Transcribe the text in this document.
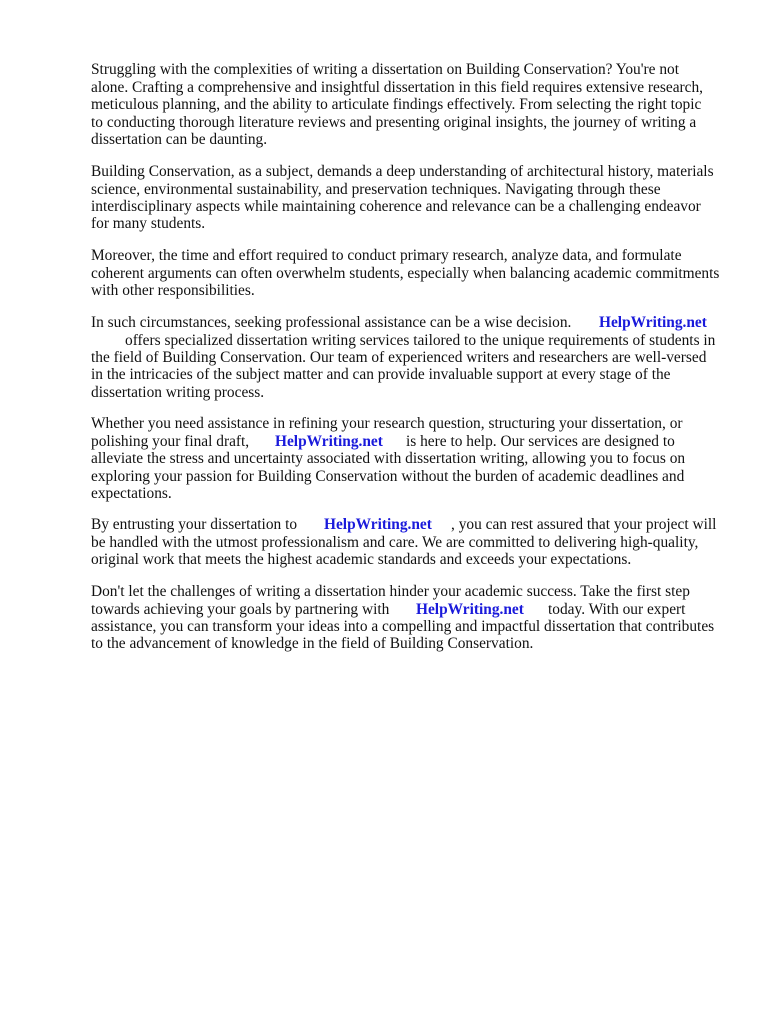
Struggling with the complexities of writing a dissertation on Building Conservation? You're not
alone. Crafting a comprehensive and insightful dissertation in this field requires extensive research,
meticulous planning, and the ability to articulate findings effectively. From selecting the right topic
to conducting thorough literature reviews and presenting original insights, the journey of writing a
dissertation can be daunting.
Building Conservation, as a subject, demands a deep understanding of architectural history, materials
science, environmental sustainability, and preservation techniques. Navigating through these
interdisciplinary aspects while maintaining coherence and relevance can be a challenging endeavor
for many students.
Moreover, the time and effort required to conduct primary research, analyze data, and formulate
coherent arguments can often overwhelm students, especially when balancing academic commitments
with other responsibilities.
In such circumstances, seeking professional assistance can be a wise decision. HelpWriting.net
offers specialized dissertation writing services tailored to the unique requirements of students in
the field of Building Conservation. Our team of experienced writers and researchers are well-versed
in the intricacies of the subject matter and can provide invaluable support at every stage of the
dissertation writing process.
Whether you need assistance in refining your research question, structuring your dissertation, or
polishing your final draft, HelpWriting.net is here to help. Our services are designed to
alleviate the stress and uncertainty associated with dissertation writing, allowing you to focus on
exploring your passion for Building Conservation without the burden of academic deadlines and
expectations.
By entrusting your dissertation to HelpWriting.net , you can rest assured that your project will
be handled with the utmost professionalism and care. We are committed to delivering high-quality,
original work that meets the highest academic standards and exceeds your expectations.
Don't let the challenges of writing a dissertation hinder your academic success. Take the first step
towards achieving your goals by partnering with HelpWriting.net today. With our expert
assistance, you can transform your ideas into a compelling and impactful dissertation that contributes
to the advancement of knowledge in the field of Building Conservation.
